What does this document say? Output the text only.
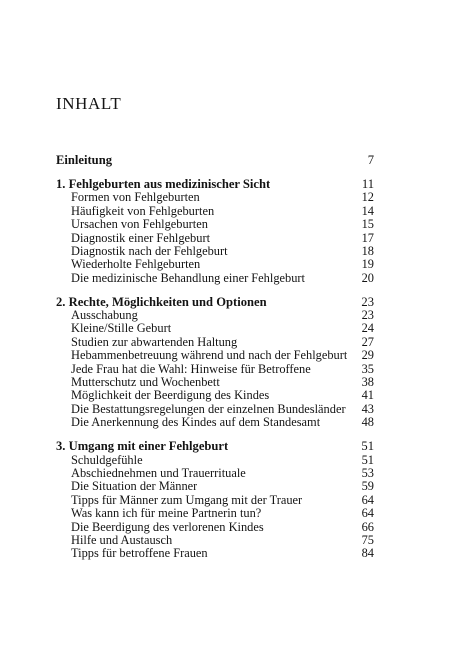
INHALT
Einleitung	7
1. Fehlgeburten aus medizinischer Sicht	11
Formen von Fehlgeburten	12
Häufigkeit von Fehlgeburten	14
Ursachen von Fehlgeburten	15
Diagnostik einer Fehlgeburt	17
Diagnostik nach der Fehlgeburt	18
Wiederholte Fehlgeburten	19
Die medizinische Behandlung einer Fehlgeburt	20
2. Rechte, Möglichkeiten und Optionen	23
Ausschabung	23
Kleine/Stille Geburt	24
Studien zur abwartenden Haltung	27
Hebammenbetreuung während und nach der Fehlgeburt 29
Jede Frau hat die Wahl: Hinweise für Betroffene	35
Mutterschutz und Wochenbett	38
Möglichkeit der Beerdigung des Kindes	41
Die Bestattungsregelungen der einzelnen Bundesländer 43
Die Anerkennung des Kindes auf dem Standesamt	48
3. Umgang mit einer Fehlgeburt	51
Schuldgefühle	51
Abschiednehmen und Trauerrituale	53
Die Situation der Männer	59
Tipps für Männer zum Umgang mit der Trauer	64
Was kann ich für meine Partnerin tun?	64
Die Beerdigung des verlorenen Kindes	66
Hilfe und Austausch	75
Tipps für betroffene Frauen	84
